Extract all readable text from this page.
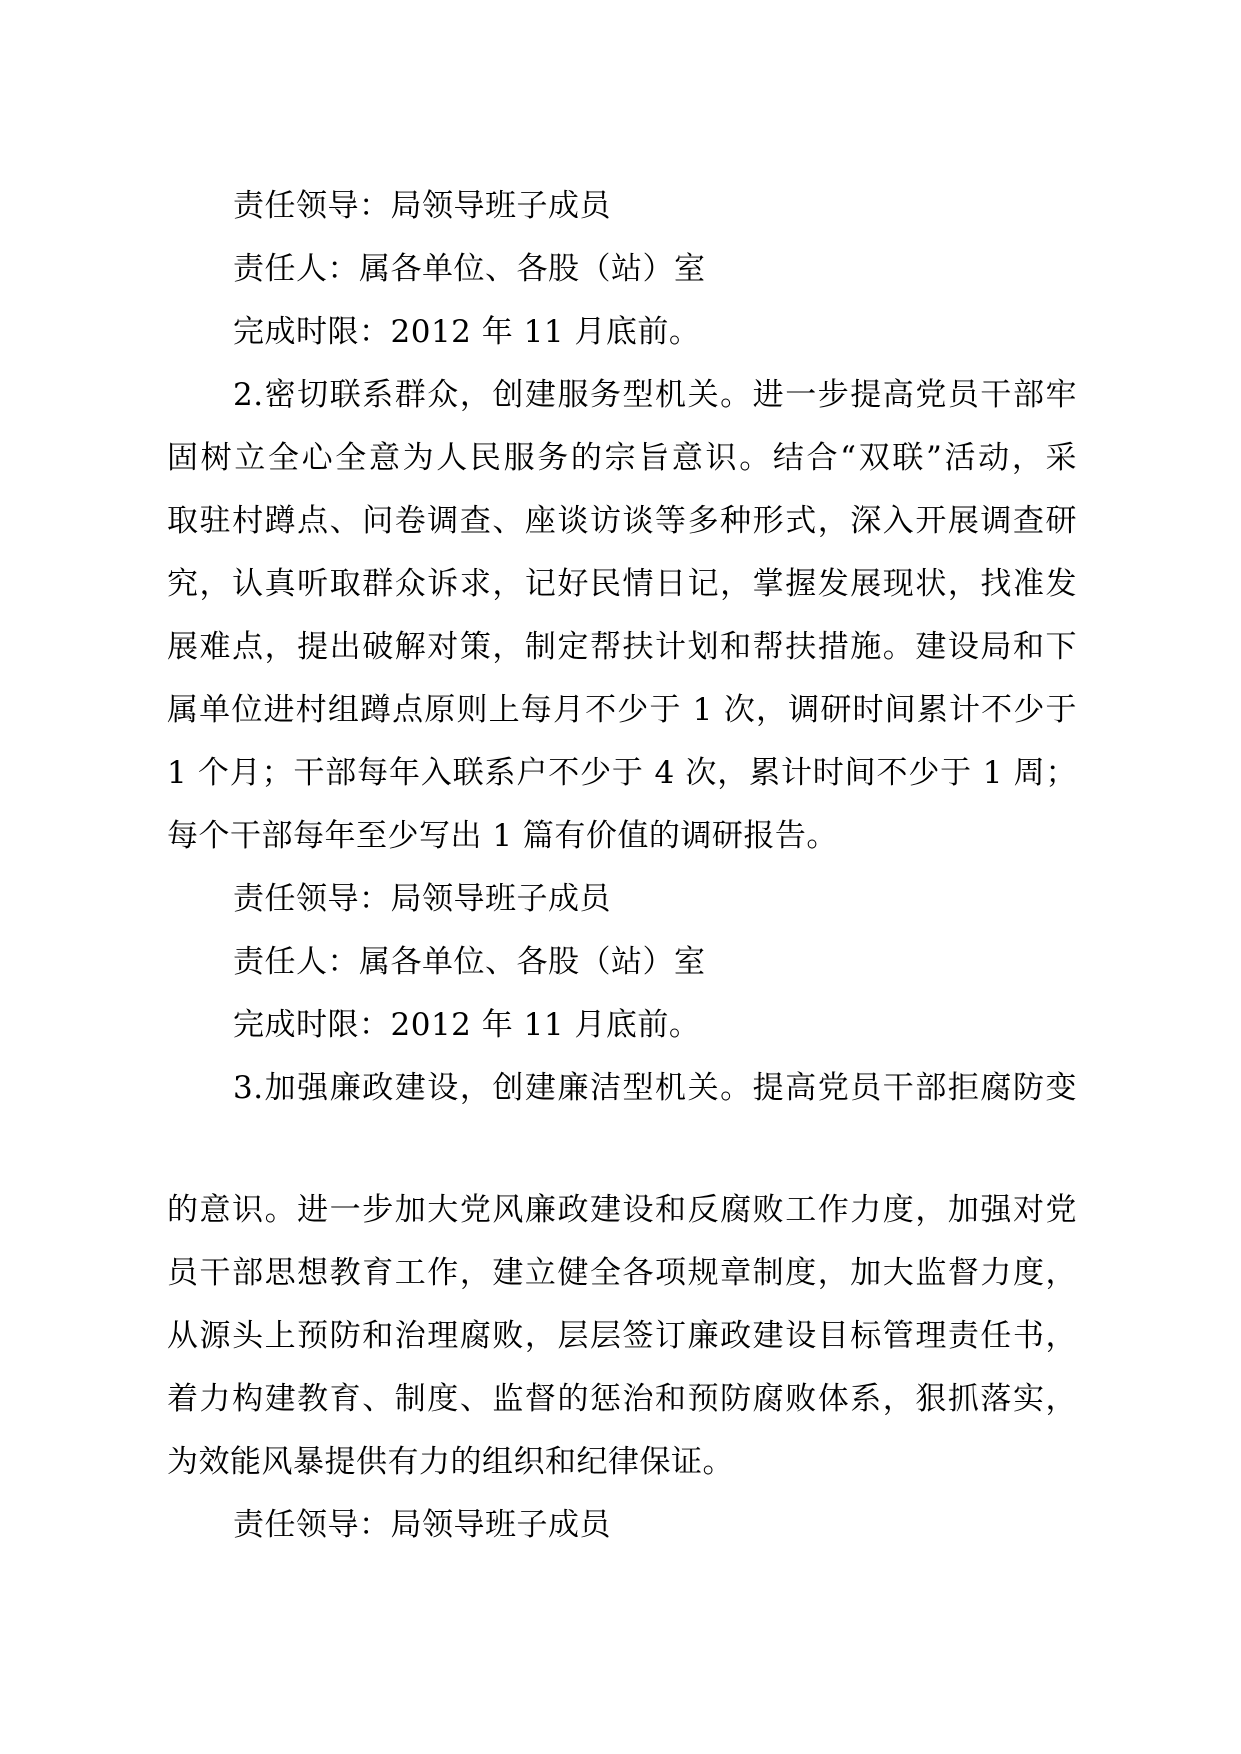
责任领导：局领导班子成员
责任人：属各单位、各股（站）室
完成时限：2012 年 11 月底前。
2.密切联系群众，创建服务型机关。进一步提高党员干部牢
固树立全心全意为人民服务的宗旨意识。结合“双联”活动，采
取驻村蹲点、问卷调查、座谈访谈等多种形式，深入开展调查研
究，认真听取群众诉求，记好民情日记，掌握发展现状，找准发
展难点，提出破解对策，制定帮扶计划和帮扶措施。建设局和下
属单位进村组蹲点原则上每月不少于 1 次，调研时间累计不少于
1 个月；干部每年入联系户不少于 4 次，累计时间不少于 1 周；
每个干部每年至少写出 1 篇有价值的调研报告。
责任领导：局领导班子成员
责任人：属各单位、各股（站）室
完成时限：2012 年 11 月底前。
3.加强廉政建设，创建廉洁型机关。提高党员干部拒腐防变
的意识。进一步加大党风廉政建设和反腐败工作力度，加强对党
员干部思想教育工作，建立健全各项规章制度，加大监督力度，
从源头上预防和治理腐败，层层签订廉政建设目标管理责任书，
着力构建教育、制度、监督的惩治和预防腐败体系，狠抓落实，
为效能风暴提供有力的组织和纪律保证。
责任领导：局领导班子成员
